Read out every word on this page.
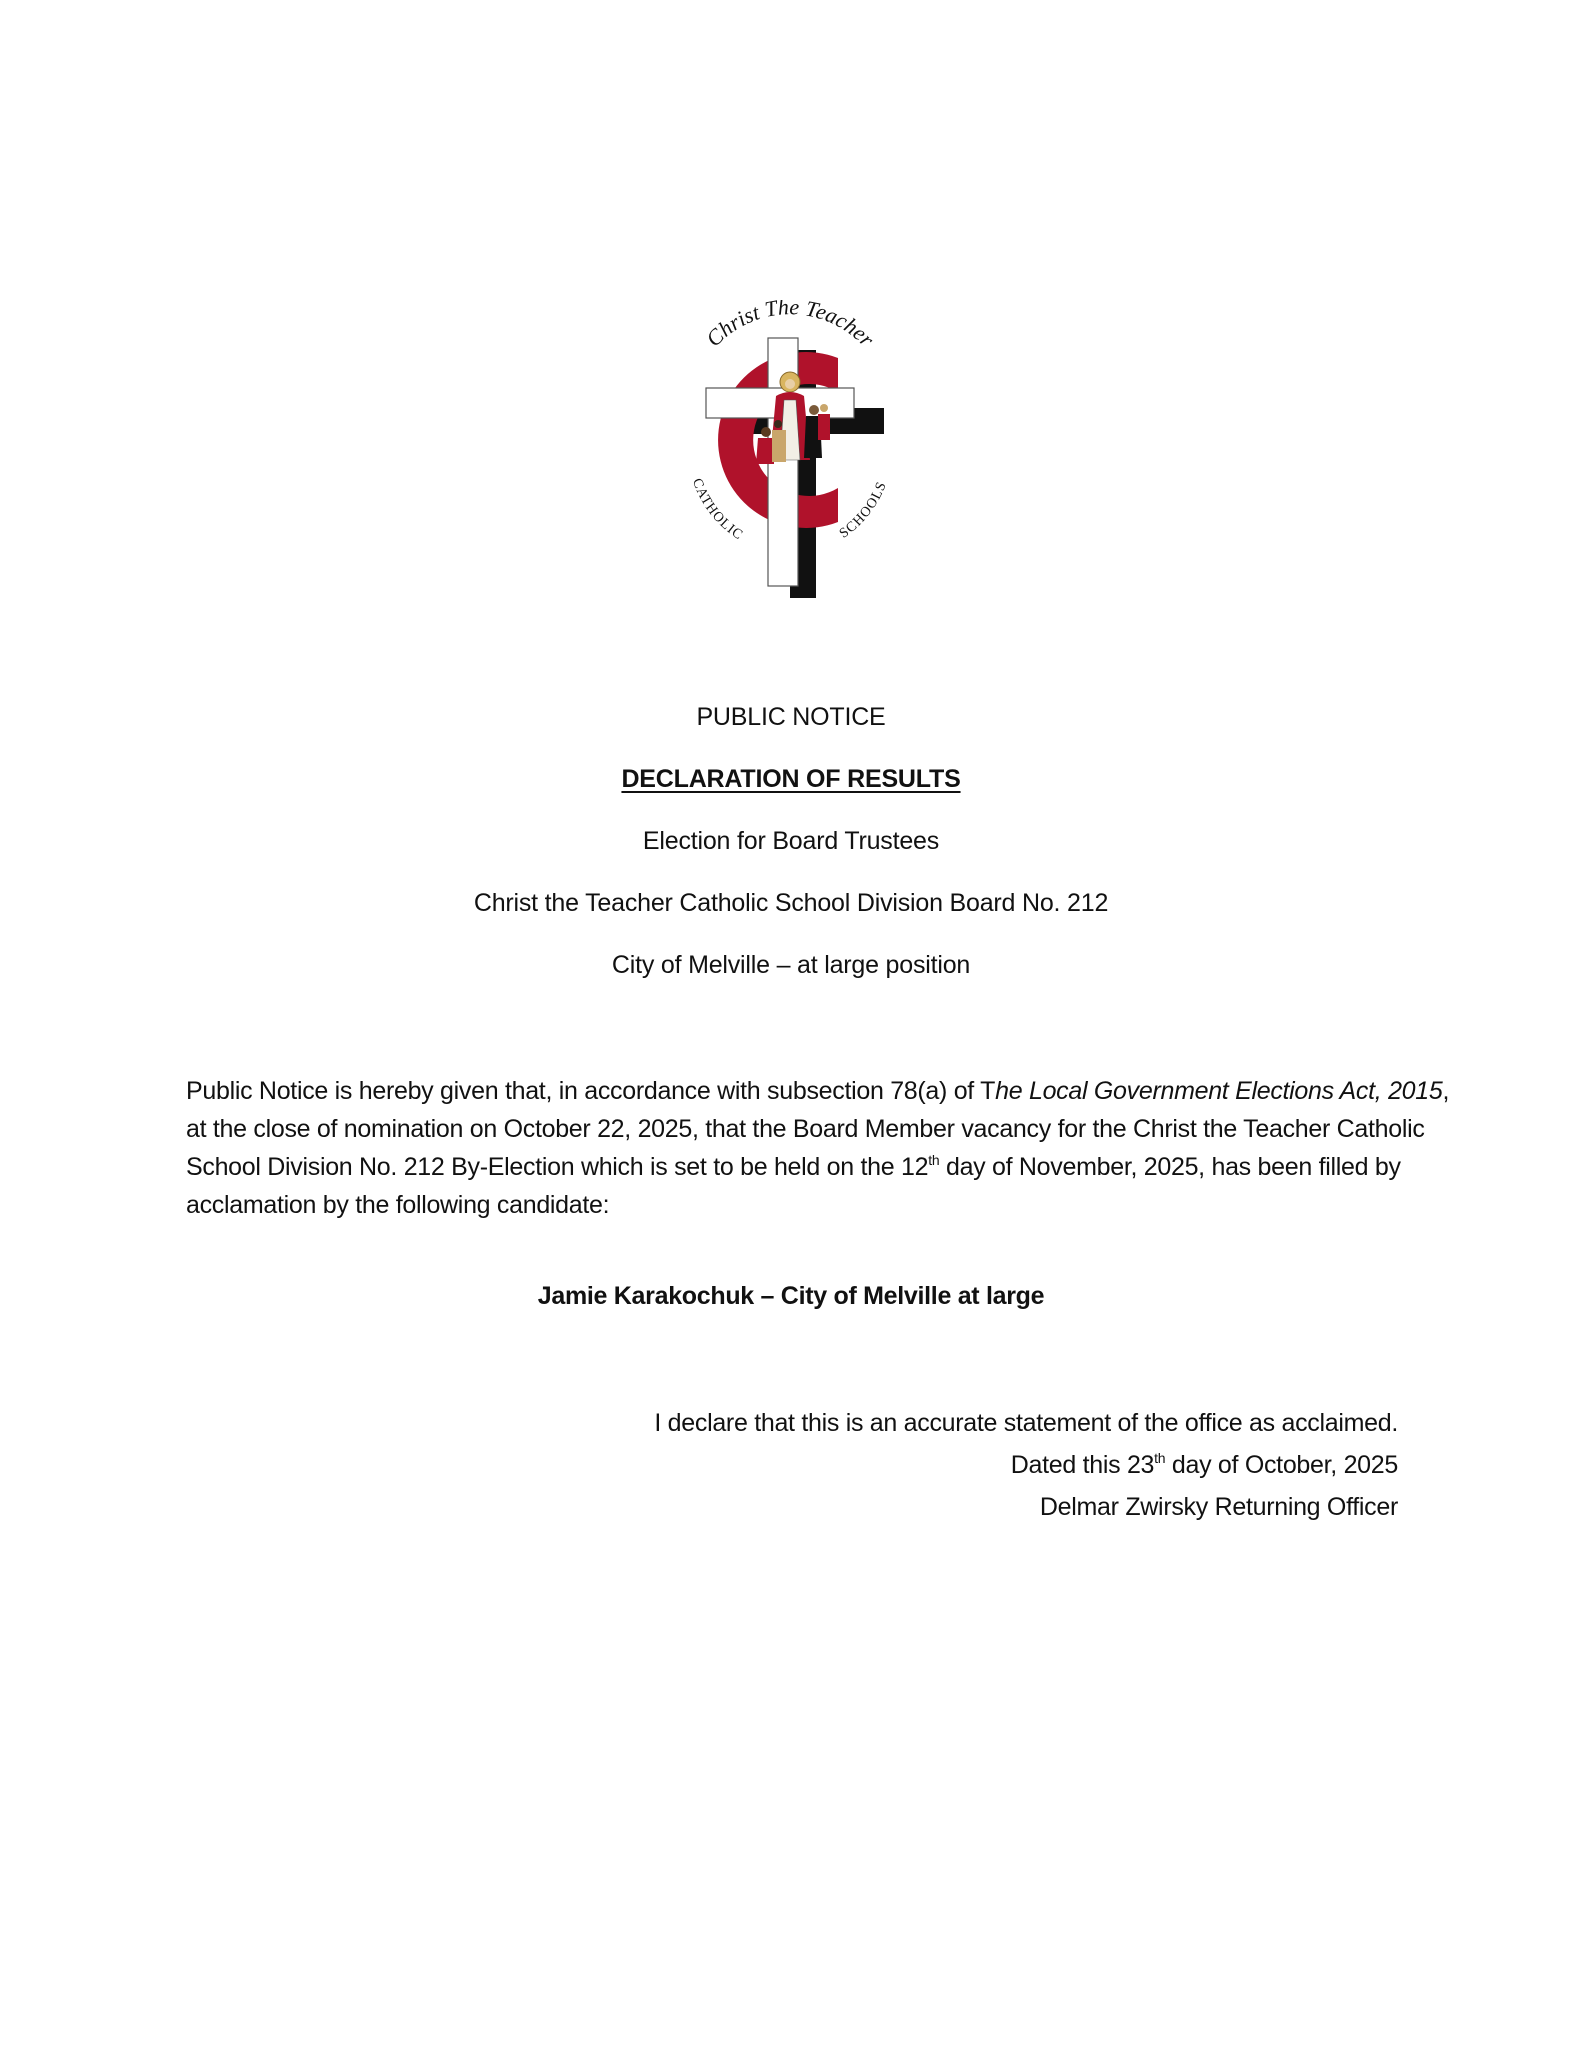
Christ The Teacher
CATHOLIC	SCHOOLS
PUBLIC NOTICE
DECLARATION OF RESULTS
Election for Board Trustees
Christ the Teacher Catholic School Division Board No. 212
City of Melville – at large position
Public Notice is hereby given that, in accordance with subsection 78(a) of The Local Government Elections Act, 2015, at the close of nomination on October 22, 2025, that the Board Member vacancy for the Christ the Teacher Catholic School Division No. 212 By-Election which is set to be held on the 12th day of November, 2025, has been filled by acclamation by the following candidate:
Jamie Karakochuk – City of Melville at large
I declare that this is an accurate statement of the office as acclaimed.
Dated this 23th day of October, 2025
Delmar Zwirsky Returning Officer
